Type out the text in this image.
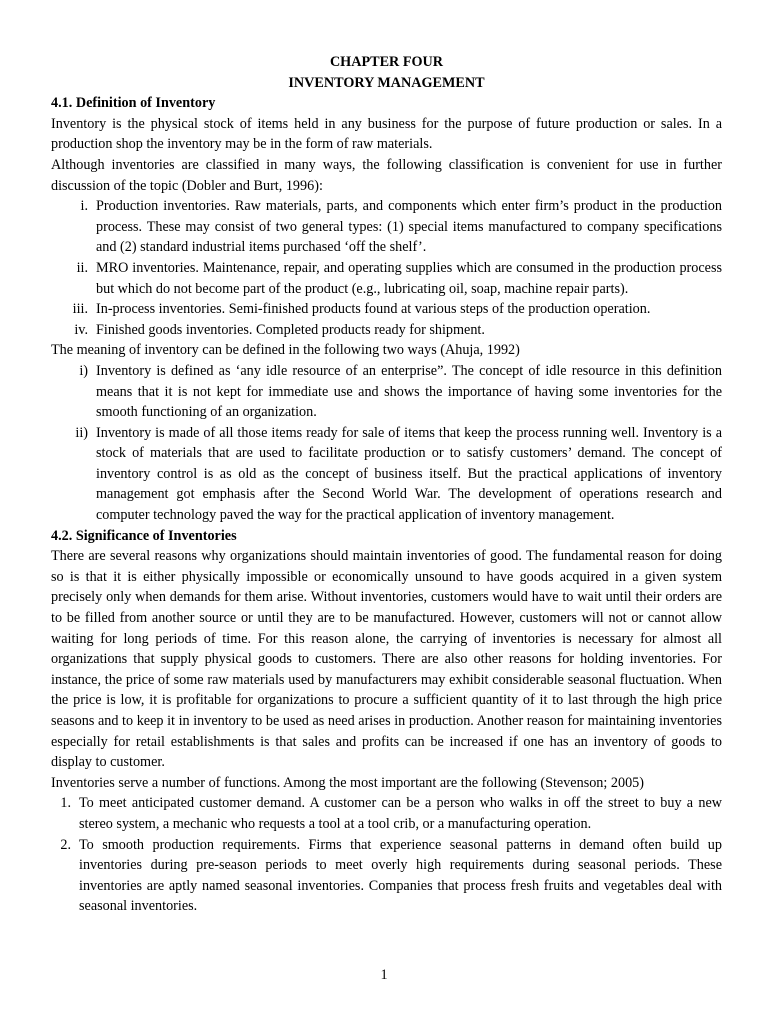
CHAPTER FOUR
INVENTORY MANAGEMENT
4.1. Definition of Inventory

Inventory is the physical stock of items held in any business for the purpose of future production or sales. In a production shop the inventory may be in the form of raw materials.

Although inventories are classified in many ways, the following classification is convenient for use in further discussion of the topic (Dobler and Burt, 1996):

i. Production inventories. Raw materials, parts, and components which enter firm’s product in the production process. These may consist of two general types: (1) special items manufactured to company specifications and (2) standard industrial items purchased ‘off the shelf’.
ii. MRO inventories. Maintenance, repair, and operating supplies which are consumed in the production process but which do not become part of the product (e.g., lubricating oil, soap, machine repair parts).
iii. In-process inventories. Semi-finished products found at various steps of the production operation.
iv. Finished goods inventories. Completed products ready for shipment.

The meaning of inventory can be defined in the following two ways (Ahuja, 1992)

i) Inventory is defined as ‘any idle resource of an enterprise”. The concept of idle resource in this definition means that it is not kept for immediate use and shows the importance of having some inventories for the smooth functioning of an organization.
ii) Inventory is made of all those items ready for sale of items that keep the process running well. Inventory is a stock of materials that are used to facilitate production or to satisfy customers’ demand. The concept of inventory control is as old as the concept of business itself. But the practical applications of inventory management got emphasis after the Second World War. The development of operations research and computer technology paved the way for the practical application of inventory management.
4.2. Significance of Inventories

There are several reasons why organizations should maintain inventories of good. The fundamental reason for doing so is that it is either physically impossible or economically unsound to have goods acquired in a given system precisely only when demands for them arise. Without inventories, customers would have to wait until their orders are to be filled from another source or until they are to be manufactured. However, customers will not or cannot allow waiting for long periods of time. For this reason alone, the carrying of inventories is necessary for almost all organizations that supply physical goods to customers. There are also other reasons for holding inventories. For instance, the price of some raw materials used by manufacturers may exhibit considerable seasonal fluctuation. When the price is low, it is profitable for organizations to procure a sufficient quantity of it to last through the high price seasons and to keep it in inventory to be used as need arises in production. Another reason for maintaining inventories especially for retail establishments is that sales and profits can be increased if one has an inventory of goods to display to customer.

Inventories serve a number of functions. Among the most important are the following (Stevenson; 2005)

1. To meet anticipated customer demand. A customer can be a person who walks in off the street to buy a new stereo system, a mechanic who requests a tool at a tool crib, or a manufacturing operation.
2. To smooth production requirements. Firms that experience seasonal patterns in demand often build up inventories during pre-season periods to meet overly high requirements during seasonal periods. These inventories are aptly named seasonal inventories. Companies that process fresh fruits and vegetables deal with seasonal inventories.
1
